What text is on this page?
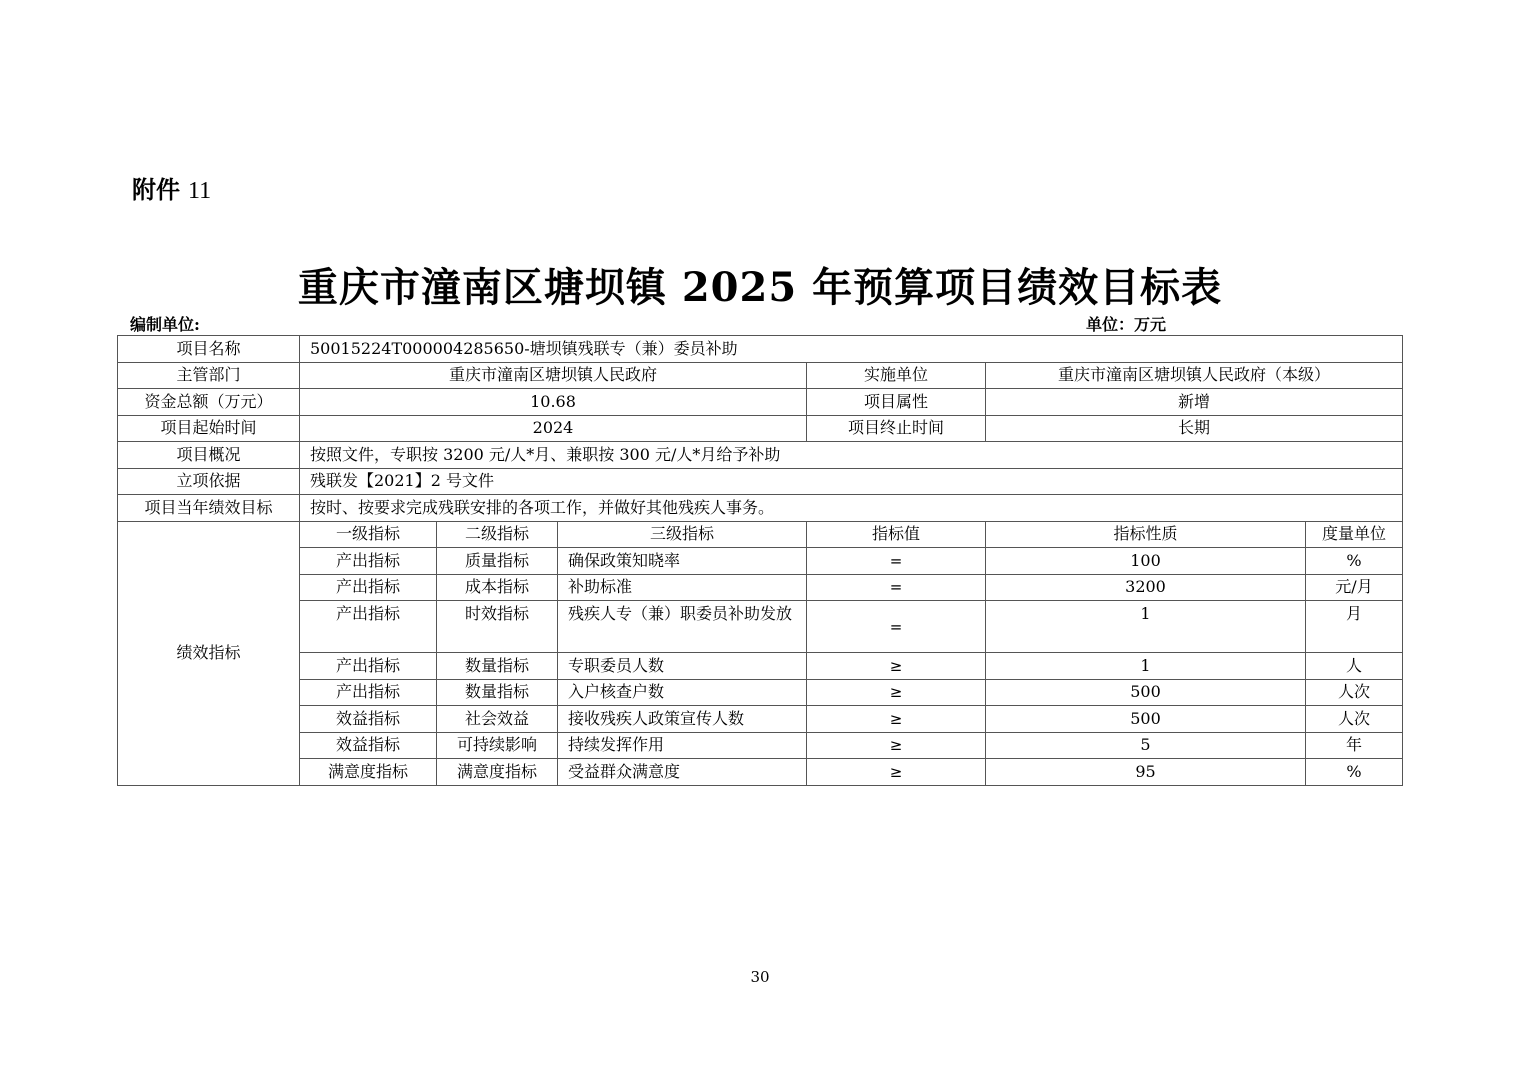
附件 11
重庆市潼南区塘坝镇 2025 年预算项目绩效目标表
编制单位:	单位：万元
项目名称	50015224T000004285650-塘坝镇残联专（兼）委员补助					
主管部门	重庆市潼南区塘坝镇人民政府			实施单位	重庆市潼南区塘坝镇人民政府（本级）	
资金总额（万元）	10.68			项目属性	新增	
项目起始时间	2024			项目终止时间	长期	
项目概况	按照文件，专职按 3200 元/人*月、兼职按 300 元/人*月给予补助					
立项依据	残联发【2021】2 号文件					
项目当年绩效目标	按时、按要求完成残联安排的各项工作，并做好其他残疾人事务。					
绩效指标	一级指标	二级指标	三级指标	指标值	指标性质	度量单位
	产出指标	质量指标	确保政策知晓率	=	100	%
	产出指标	成本指标	补助标准	=	3200	元/月
	产出指标	时效指标	残疾人专（兼）职委员补助发放	=	1	月
	产出指标	数量指标	专职委员人数	≥	1	人
	产出指标	数量指标	入户核查户数	≥	500	人次
	效益指标	社会效益	接收残疾人政策宣传人数	≥	500	人次
	效益指标	可持续影响	持续发挥作用	≥	5	年
	满意度指标	满意度指标	受益群众满意度	≥	95	%
30
